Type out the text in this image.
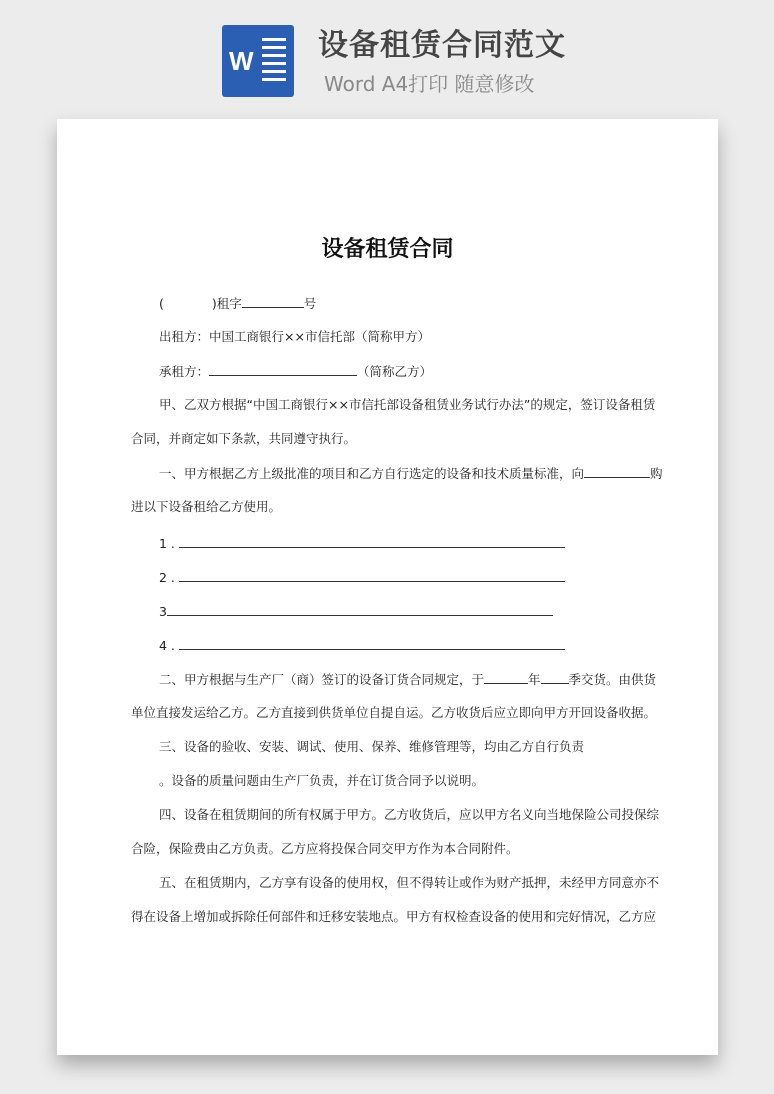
W 设备租赁合同范文
Word A4打印 随意修改
设备租赁合同
(	)租字	号
出租方：中国工商银行××市信托部（简称甲方）
承租方：	（简称乙方）
甲、乙双方根据“中国工商银行××市信托部设备租赁业务试行办法”的规定，签订设备租赁
合同，并商定如下条款，共同遵守执行。
一、甲方根据乙方上级批准的项目和乙方自行选定的设备和技术质量标准，向	购
进以下设备租给乙方使用。
1 .
2 .
3
4 .
二、甲方根据与生产厂（商）签订的设备订货合同规定，于	年 季交货。由供货
单位直接发运给乙方。乙方直接到供货单位自提自运。乙方收货后应立即向甲方开回设备收据。
三、设备的验收、安装、调试、使用、保养、维修管理等，均由乙方自行负责
。设备的质量问题由生产厂负责，并在订货合同予以说明。
四、设备在租赁期间的所有权属于甲方。乙方收货后，应以甲方名义向当地保险公司投保综
合险，保险费由乙方负责。乙方应将投保合同交甲方作为本合同附件。
五、在租赁期内，乙方享有设备的使用权，但不得转让或作为财产抵押，未经甲方同意亦不
得在设备上增加或拆除任何部件和迁移安装地点。甲方有权检查设备的使用和完好情况，乙方应
